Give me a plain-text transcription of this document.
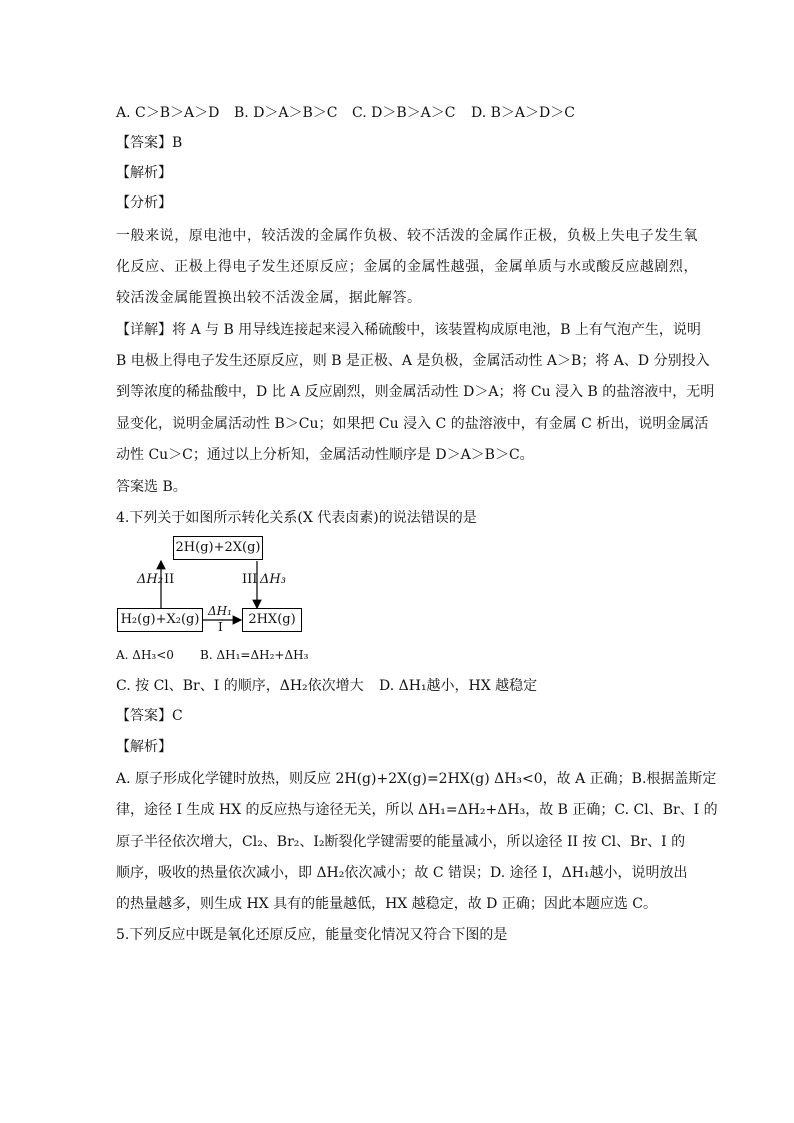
A. C＞B＞A＞D B. D＞A＞B＞C C. D＞B＞A＞C D. B＞A＞D＞C
【答案】B
【解析】
【分析】
一般来说，原电池中，较活泼的金属作负极、较不活泼的金属作正极，负极上失电子发生氧
化反应、正极上得电子发生还原反应；金属的金属性越强，金属单质与水或酸反应越剧烈，
较活泼金属能置换出较不活泼金属，据此解答。
【详解】将 A 与 B 用导线连接起来浸入稀硫酸中，该装置构成原电池，B 上有气泡产生，说明
B 电极上得电子发生还原反应，则 B 是正极、A 是负极，金属活动性 A＞B；将 A、D 分别投入
到等浓度的稀盐酸中，D 比 A 反应剧烈，则金属活动性 D＞A；将 Cu 浸入 B 的盐溶液中，无明
显变化，说明金属活动性 B＞Cu；如果把 Cu 浸入 C 的盐溶液中，有金属 C 析出，说明金属活
动性 Cu＞C；通过以上分析知，金属活动性顺序是 D＞A＞B＞C。
答案选 B。
4.下列关于如图所示转化关系(X 代表卤素)的说法错误的是
2H(g)+2X(g)
H₂(g)+X₂(g)	2HX(g)
ΔH₂ II	III ΔH₃
ΔH₁
I
A. ΔH₃<0 B. ΔH₁=ΔH₂+ΔH₃
C. 按 Cl、Br、I 的顺序，ΔH₂依次增大 D. ΔH₁越小，HX 越稳定
【答案】C
【解析】
A. 原子形成化学键时放热，则反应 2H(g)+2X(g)=2HX(g) ΔH₃<0，故 A 正确；B.根据盖斯定
律，途径 I 生成 HX 的反应热与途径无关，所以 ΔH₁=ΔH₂+ΔH₃，故 B 正确；C. Cl、Br、I 的
原子半径依次增大，Cl₂、Br₂、I₂断裂化学键需要的能量减小，所以途径 II 按 Cl、Br、I 的
顺序，吸收的热量依次减小，即 ΔH₂依次减小；故 C 错误；D. 途径 I，ΔH₁越小，说明放出
的热量越多，则生成 HX 具有的能量越低，HX 越稳定，故 D 正确；因此本题应选 C。
5.下列反应中既是氧化还原反应，能量变化情况又符合下图的是
